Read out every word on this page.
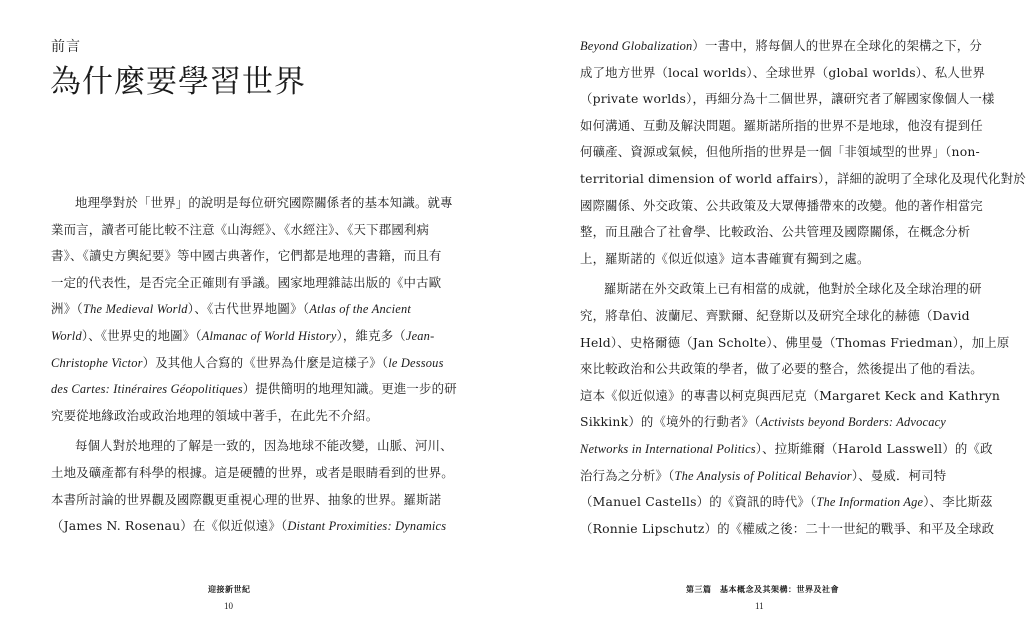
前言
為什麼要學習世界
地理學對於「世界」的說明是每位研究國際關係者的基本知識。就專
業而言，讀者可能比較不注意《山海經》、《水經注》、《天下郡國利病
書》、《讀史方輿紀要》等中國古典著作，它們都是地理的書籍，而且有
一定的代表性，是否完全正確則有爭議。國家地理雜誌出版的《中古歐
洲》（The Medieval World）、《古代世界地圖》（Atlas of the Ancient
World）、《世界史的地圖》（Almanac of World History），維克多（Jean-
Christophe Victor）及其他人合寫的《世界為什麼是這樣子》（le Dessous
des Cartes: Itinéraires Géopolitiques）提供簡明的地理知識。更進一步的研
究要從地緣政治或政治地理的領域中著手，在此先不介紹。
每個人對於地理的了解是一致的，因為地球不能改變，山脈、河川、
土地及礦產都有科學的根據。這是硬體的世界，或者是眼睛看到的世界。
本書所討論的世界觀及國際觀更重視心理的世界、抽象的世界。羅斯諾
（James N. Rosenau）在《似近似遠》（Distant Proximities: Dynamics
迎接新世紀
10
Beyond Globalization）一書中，將每個人的世界在全球化的架構之下，分
成了地方世界（local worlds）、全球世界（global worlds）、私人世界
（private worlds），再細分為十二個世界，讓研究者了解國家像個人一樣
如何溝通、互動及解決問題。羅斯諾所指的世界不是地球，他沒有提到任
何礦產、資源或氣候，但他所指的世界是一個「非領域型的世界」（non-
territorial dimension of world affairs），詳細的說明了全球化及現代化對於
國際關係、外交政策、公共政策及大眾傳播帶來的改變。他的著作相當完
整，而且融合了社會學、比較政治、公共管理及國際關係，在概念分析
上，羅斯諾的《似近似遠》這本書確實有獨到之處。
羅斯諾在外交政策上已有相當的成就，他對於全球化及全球治理的研
究，將韋伯、波蘭尼、齊默爾、紀登斯以及研究全球化的赫德（David
Held）、史格爾德（Jan Scholte）、佛里曼（Thomas Friedman），加上原
來比較政治和公共政策的學者，做了必要的整合，然後提出了他的看法。
這本《似近似遠》的專書以柯克與西尼克（Margaret Keck and Kathryn
Sikkink）的《境外的行動者》（Activists beyond Borders: Advocacy
Networks in International Politics）、拉斯維爾（Harold Lasswell）的《政
治行為之分析》（The Analysis of Political Behavior）、曼威．柯司特
（Manuel Castells）的《資訊的時代》（The Information Age）、李比斯茲
（Ronnie Lipschutz）的《權威之後：二十一世紀的戰爭、和平及全球政
第三篇　基本概念及其架構：世界及社會
11
